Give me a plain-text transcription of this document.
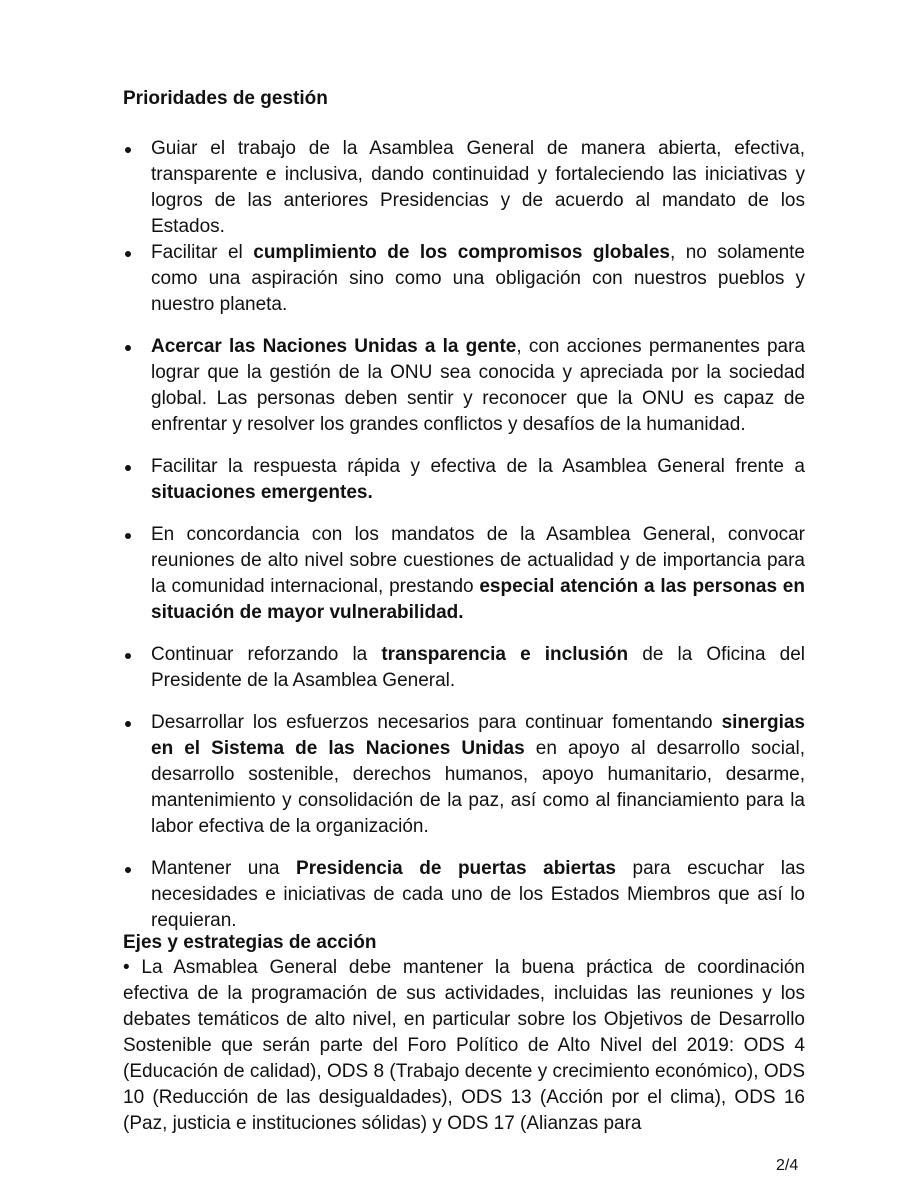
Prioridades de gestión
Guiar el trabajo de la Asamblea General de manera abierta, efectiva, transparente e inclusiva, dando continuidad y fortaleciendo las iniciativas y logros de las anteriores Presidencias y de acuerdo al mandato de los Estados.
Facilitar el cumplimiento de los compromisos globales, no solamente como una aspiración sino como una obligación con nuestros pueblos y nuestro planeta.
Acercar las Naciones Unidas a la gente, con acciones permanentes para lograr que la gestión de la ONU sea conocida y apreciada por la sociedad global. Las personas deben sentir y reconocer que la ONU es capaz de enfrentar y resolver los grandes conflictos y desafíos de la humanidad.
Facilitar la respuesta rápida y efectiva de la Asamblea General frente a situaciones emergentes.
En concordancia con los mandatos de la Asamblea General, convocar reuniones de alto nivel sobre cuestiones de actualidad y de importancia para la comunidad internacional, prestando especial atención a las personas en situación de mayor vulnerabilidad.
Continuar reforzando la transparencia e inclusión de la Oficina del Presidente de la Asamblea General.
Desarrollar los esfuerzos necesarios para continuar fomentando sinergias en el Sistema de las Naciones Unidas en apoyo al desarrollo social, desarrollo sostenible, derechos humanos, apoyo humanitario, desarme, mantenimiento y consolidación de la paz, así como al financiamiento para la labor efectiva de la organización.
Mantener una Presidencia de puertas abiertas para escuchar las necesidades e iniciativas de cada uno de los Estados Miembros que así lo requieran.
Ejes y estrategias de acción

• La Asmablea General debe mantener la buena práctica de coordinación efectiva de la programación de sus actividades, incluidas las reuniones y los debates temáticos de alto nivel, en particular sobre los Objetivos de Desarrollo Sostenible que serán parte del Foro Político de Alto Nivel del 2019: ODS 4 (Educación de calidad), ODS 8 (Trabajo decente y crecimiento económico), ODS 10 (Reducción de las desigualdades), ODS 13 (Acción por el clima), ODS 16 (Paz, justicia e instituciones sólidas) y ODS 17 (Alianzas para

2/4
